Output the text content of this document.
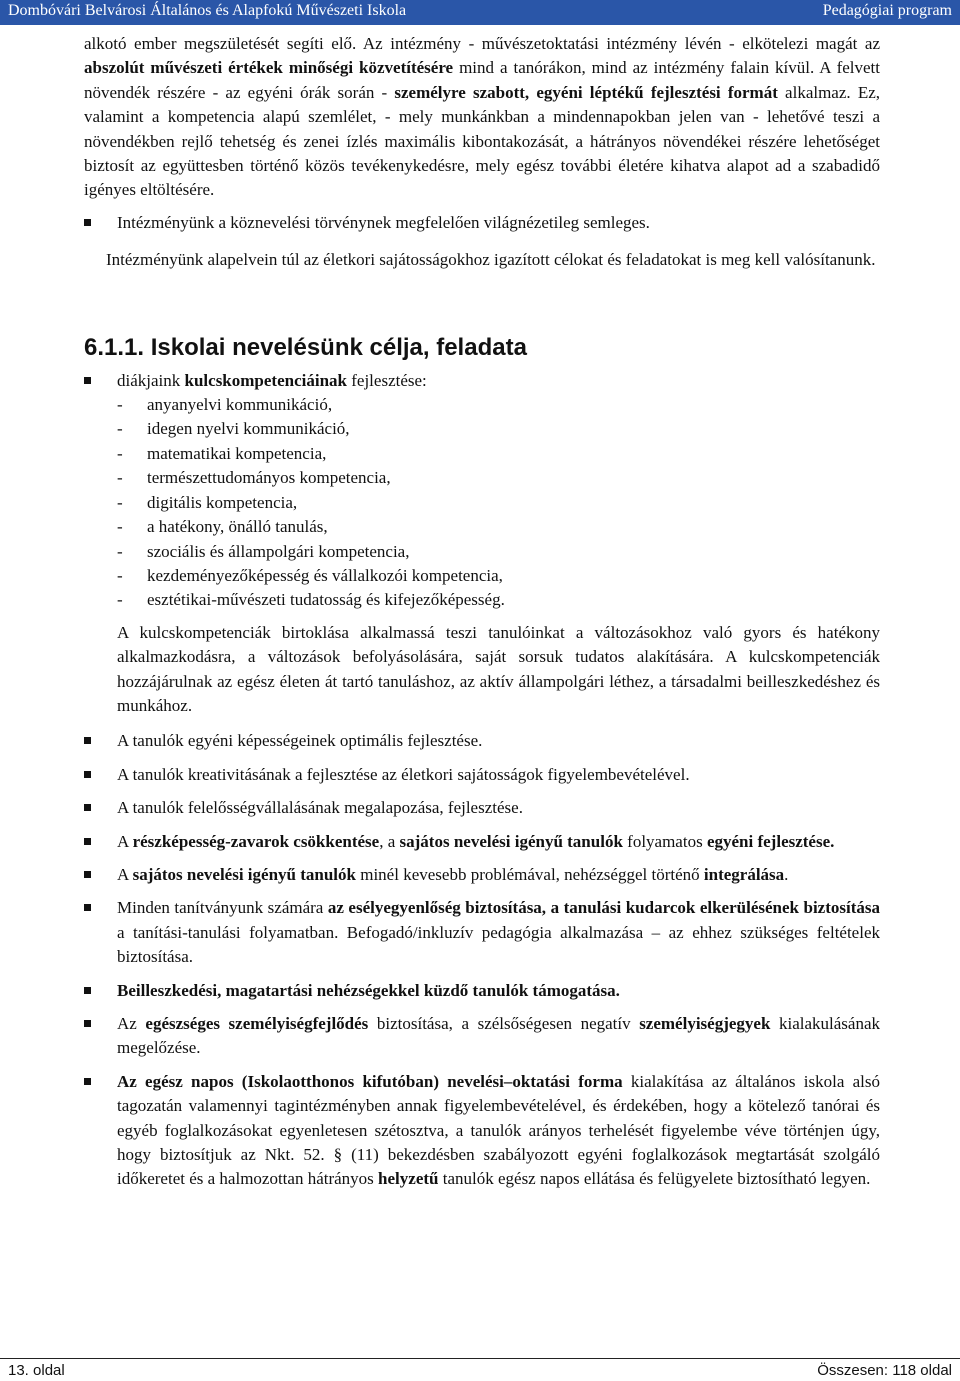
Dombóvári Belvárosi Általános és Alapfokú Művészeti Iskola	Pedagógiai program

alkotó ember megszületését segíti elő. Az intézmény - művészetoktatási intézmény lévén - elkötelezi magát az abszolút művészeti értékek minőségi közvetítésére mind a tanórákon, mind az intézmény falain kívül. A felvett növendék részére - az egyéni órák során - személyre szabott, egyéni léptékű fejlesztési formát alkalmaz. Ez, valamint a kompetencia alapú szemlélet, - mely munkánkban a mindennapokban jelen van - lehetővé teszi a növendékben rejlő tehetség és zenei ízlés maximális kibontakozását, a hátrányos növendékei részére lehetőséget biztosít az együttesben történő közös tevékenykedésre, mely egész további életére kihatva alapot ad a szabadidő igényes eltöltésére.

Intézményünk a köznevelési törvénynek megfelelően világnézetileg semleges.

Intézményünk alapelvein túl az életkori sajátosságokhoz igazított célokat és feladatokat is meg kell valósítanunk.

6.1.1. Iskolai nevelésünk célja, feladata
diákjaink kulcskompetenciáinak fejlesztése:
-	anyanyelvi kommunikáció,
-	idegen nyelvi kommunikáció,
-	matematikai kompetencia,
-	természettudományos kompetencia,
-	digitális kompetencia,
-	a hatékony, önálló tanulás,
-	szociális és állampolgári kompetencia,
-	kezdeményezőképesség és vállalkozói kompetencia,
-	esztétikai-művészeti tudatosság és kifejezőképesség.

A kulcskompetenciák birtoklása alkalmassá teszi tanulóinkat a változásokhoz való gyors és hatékony alkalmazkodásra, a változások befolyásolására, saját sorsuk tudatos alakítására. A kulcskompetenciák hozzájárulnak az egész életen át tartó tanuláshoz, az aktív állampolgári léthez, a társadalmi beilleszkedéshez és munkához.

A tanulók egyéni képességeinek optimális fejlesztése.
A tanulók kreativitásának a fejlesztése az életkori sajátosságok figyelembevételével.
A tanulók felelősségvállalásának megalapozása, fejlesztése.
A részképesség-zavarok csökkentése, a sajátos nevelési igényű tanulók folyamatos egyéni fejlesztése.
A sajátos nevelési igényű tanulók minél kevesebb problémával, nehézséggel történő integrálása.
Minden tanítványunk számára az esélyegyenlőség biztosítása, a tanulási kudarcok elkerülésének biztosítása a tanítási-tanulási folyamatban. Befogadó/inkluzív pedagógia alkalmazása – az ehhez szükséges feltételek biztosítása.
Beilleszkedési, magatartási nehézségekkel küzdő tanulók támogatása.
Az egészséges személyiségfejlődés biztosítása, a szélsőségesen negatív személyiségjegyek kialakulásának megelőzése.
Az egész napos (Iskolaotthonos kifutóban) nevelési–oktatási forma kialakítása az általános iskola alsó tagozatán valamennyi tagintézményben annak figyelembevételével, és érdekében, hogy a kötelező tanórai és egyéb foglalkozásokat egyenletesen szétosztva, a tanulók arányos terhelését figyelembe véve történjen úgy, hogy biztosítjuk az Nkt. 52. § (11) bekezdésben szabályozott egyéni foglalkozások megtartását szolgáló időkeretet és a halmozottan hátrányos helyzetű tanulók egész napos ellátása és felügyelete biztosítható legyen.
13. oldal	Összesen: 118 oldal
